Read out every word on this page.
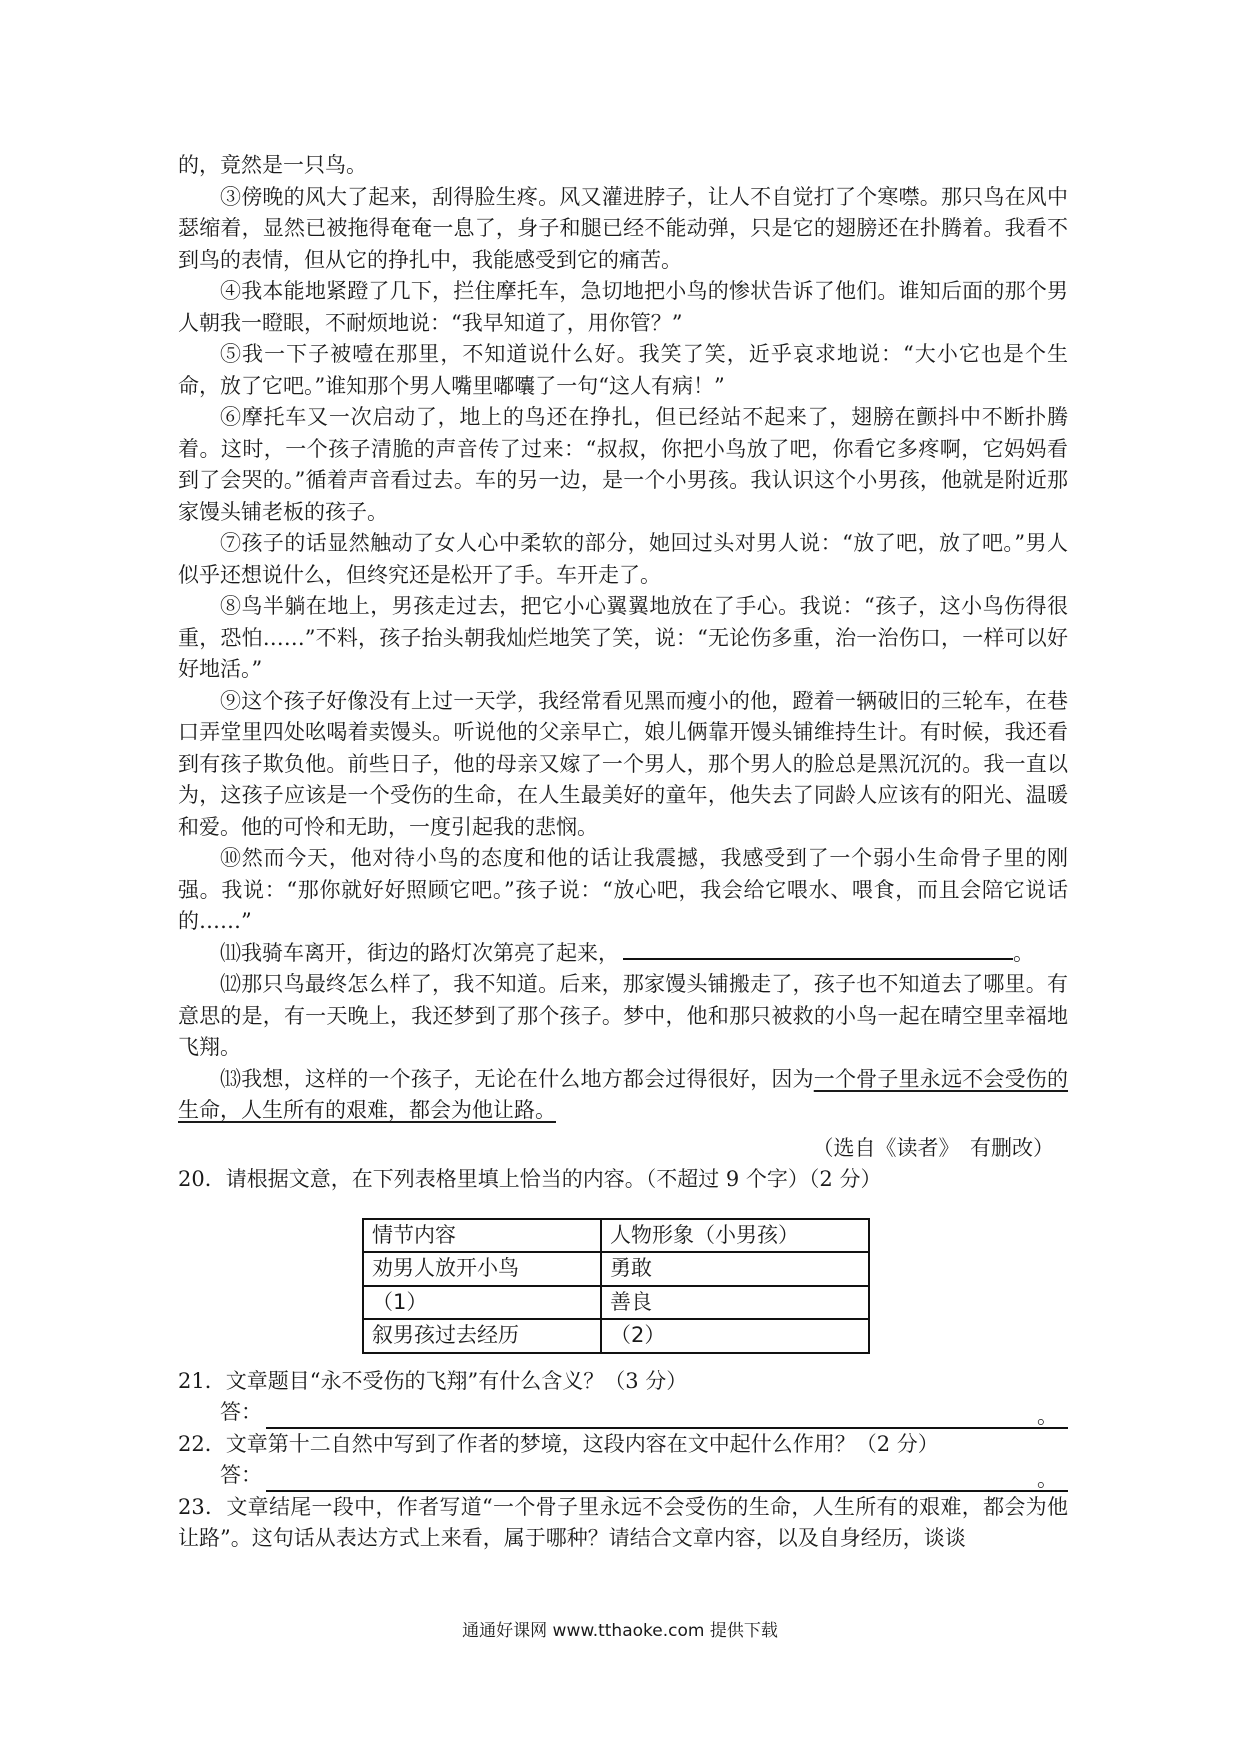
的，竟然是一只鸟。

③傍晚的风大了起来，刮得脸生疼。风又灌进脖子，让人不自觉打了个寒噤。那只鸟在风中瑟缩着，显然已被拖得奄奄一息了，身子和腿已经不能动弹，只是它的翅膀还在扑腾着。我看不到鸟的表情，但从它的挣扎中，我能感受到它的痛苦。

④我本能地紧蹬了几下，拦住摩托车，急切地把小鸟的惨状告诉了他们。谁知后面的那个男人朝我一瞪眼，不耐烦地说：“我早知道了，用你管？”

⑤我一下子被噎在那里，不知道说什么好。我笑了笑，近乎哀求地说：“大小它也是个生命，放了它吧。”谁知那个男人嘴里嘟囔了一句“这人有病！”

⑥摩托车又一次启动了，地上的鸟还在挣扎，但已经站不起来了，翅膀在颤抖中不断扑腾着。这时，一个孩子清脆的声音传了过来：“叔叔，你把小鸟放了吧，你看它多疼啊，它妈妈看到了会哭的。”循着声音看过去。车的另一边，是一个小男孩。我认识这个小男孩，他就是附近那家馒头铺老板的孩子。

⑦孩子的话显然触动了女人心中柔软的部分，她回过头对男人说：“放了吧，放了吧。”男人似乎还想说什么，但终究还是松开了手。车开走了。

⑧鸟半躺在地上，男孩走过去，把它小心翼翼地放在了手心。我说：“孩子，这小鸟伤得很重，恐怕……”不料，孩子抬头朝我灿烂地笑了笑，说：“无论伤多重，治一治伤口，一样可以好好地活。”

⑨这个孩子好像没有上过一天学，我经常看见黑而瘦小的他，蹬着一辆破旧的三轮车，在巷口弄堂里四处吆喝着卖馒头。听说他的父亲早亡，娘儿俩靠开馒头铺维持生计。有时候，我还看到有孩子欺负他。前些日子，他的母亲又嫁了一个男人，那个男人的脸总是黑沉沉的。我一直以为，这孩子应该是一个受伤的生命，在人生最美好的童年，他失去了同龄人应该有的阳光、温暖和爱。他的可怜和无助，一度引起我的悲悯。

⑩然而今天，他对待小鸟的态度和他的话让我震撼，我感受到了一个弱小生命骨子里的刚强。我说：“那你就好好照顾它吧。”孩子说：“放心吧，我会给它喂水、喂食，而且会陪它说话的……”

⑾我骑车离开，街边的路灯次第亮了起来，	。

⑿那只鸟最终怎么样了，我不知道。后来，那家馒头铺搬走了，孩子也不知道去了哪里。有意思的是，有一天晚上，我还梦到了那个孩子。梦中，他和那只被救的小鸟一起在晴空里幸福地飞翔。

⒀我想，这样的一个孩子，无论在什么地方都会过得很好，因为一个骨子里永远不会受伤的生命，人生所有的艰难，都会为他让路。

（选自《读者》　有删改）

20．请根据文意，在下列表格里填上恰当的内容。（不超过 9 个字）（2 分）

情节内容	人物形象（小男孩）
劝男人放开小鸟	勇敢
（1）	善良
叙男孩过去经历	（2）

21．文章题目“永不受伤的飞翔”有什么含义？（3 分）

答：	。

22．文章第十二自然中写到了作者的梦境，这段内容在文中起什么作用？（2 分）

答：	。

23．文章结尾一段中，作者写道“一个骨子里永远不会受伤的生命，人生所有的艰难，都会为他让路”。这句话从表达方式上来看，属于哪种？请结合文章内容，以及自身经历，谈谈

通通好课网 www.tthaoke.com 提供下载
